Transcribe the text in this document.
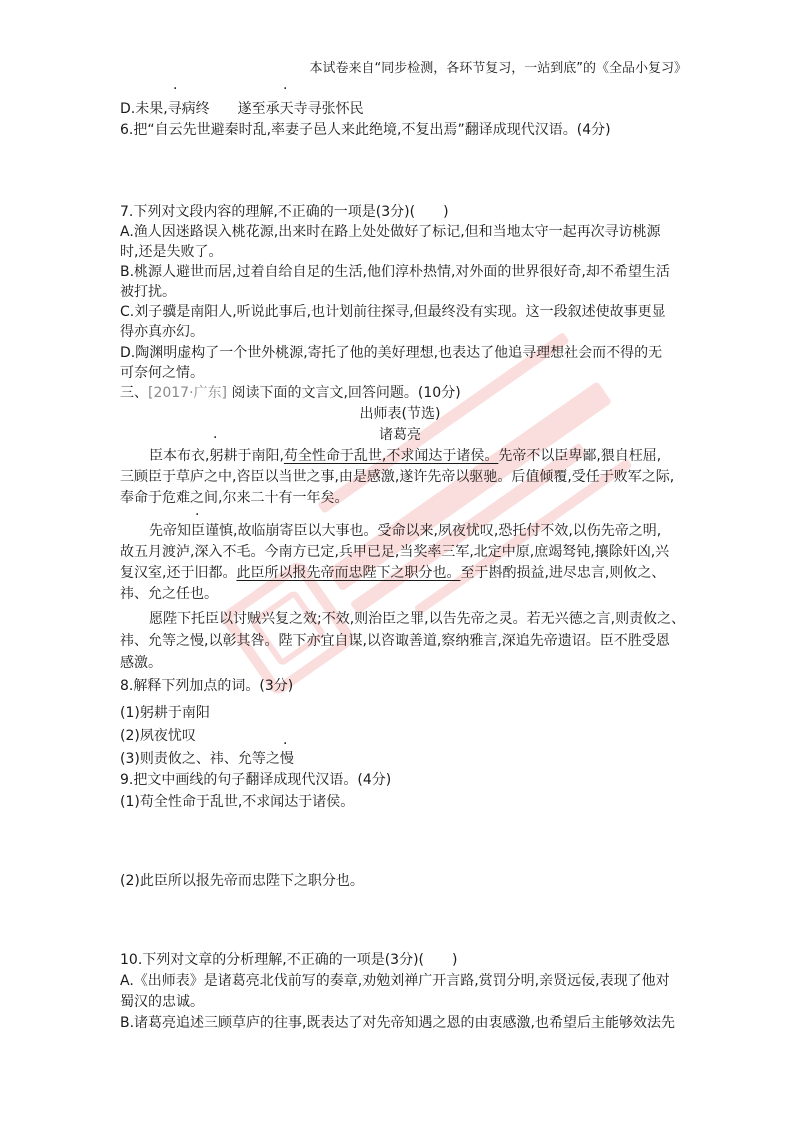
本试卷来自“同步检测，各环节复习，一站到底”的《全品小复习》
·	·
D.未果,寻病终　　遂至承天寺寻张怀民
6.把“自云先世避秦时乱,率妻子邑人来此绝境,不复出焉”翻译成现代汉语。(4分)
7.下列对文段内容的理解,不正确的一项是(3分)(　　)
A.渔人因迷路误入桃花源,出来时在路上处处做好了标记,但和当地太守一起再次寻访桃源
时,还是失败了。
B.桃源人避世而居,过着自给自足的生活,他们淳朴热情,对外面的世界很好奇,却不希望生活
被打扰。
C.刘子骥是南阳人,听说此事后,也计划前往探寻,但最终没有实现。这一段叙述使故事更显
得亦真亦幻。
D.陶渊明虚构了一个世外桃源,寄托了他的美好理想,也表达了他追寻理想社会而不得的无
可奈何之情。
三、[2017·广东] 阅读下面的文言文,回答问题。(10分)
出师表(节选)
诸葛亮
·
臣本布衣,躬耕于南阳,苟全性命于乱世,不求闻达于诸侯。先帝不以臣卑鄙,猥自枉屈,
三顾臣于草庐之中,咨臣以当世之事,由是感激,遂许先帝以驱驰。后值倾覆,受任于败军之际,
奉命于危难之间,尔来二十有一年矣。
·
先帝知臣谨慎,故临崩寄臣以大事也。受命以来,夙夜忧叹,恐托付不效,以伤先帝之明,
故五月渡泸,深入不毛。今南方已定,兵甲已足,当奖率三军,北定中原,庶竭驽钝,攘除奸凶,兴
复汉室,还于旧都。此臣所以报先帝而忠陛下之职分也。至于斟酌损益,进尽忠言,则攸之、
祎、允之任也。
愿陛下托臣以讨贼兴复之效;不效,则治臣之罪,以告先帝之灵。若无兴德之言,则责攸之、
祎、允等之慢,以彰其咎。陛下亦宜自谋,以咨诹善道,察纳雅言,深追先帝遗诏。臣不胜受恩
感激。
8.解释下列加点的词。(3分)
(1)躬耕于南阳
(2)夙夜忧叹	·
(3)则责攸之、祎、允等之慢
9.把文中画线的句子翻译成现代汉语。(4分)
(1)苟全性命于乱世,不求闻达于诸侯。
(2)此臣所以报先帝而忠陛下之职分也。
10.下列对文章的分析理解,不正确的一项是(3分)(　　)
A.《出师表》是诸葛亮北伐前写的奏章,劝勉刘禅广开言路,赏罚分明,亲贤远佞,表现了他对
蜀汉的忠诚。
B.诸葛亮追述三顾草庐的往事,既表达了对先帝知遇之恩的由衷感激,也希望后主能够效法先
